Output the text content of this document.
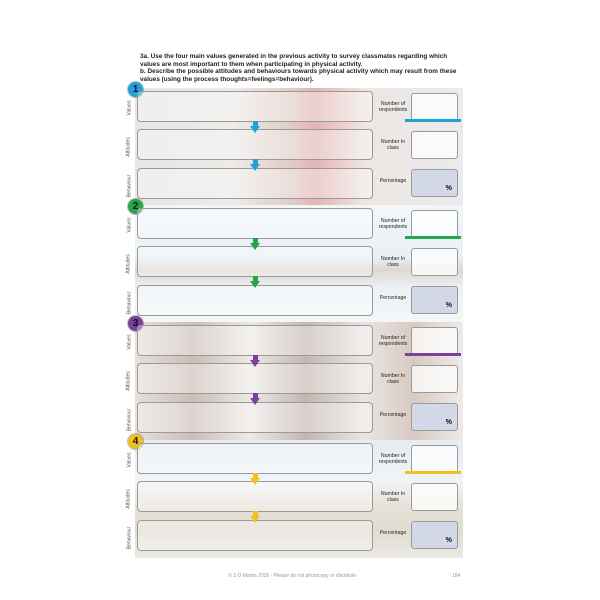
3a. Use the four main values generated in the previous activity to survey classmates regarding which values are most important to them when participating in physical activity.

b. Describe the possible attitudes and behaviours towards physical activity which may result from these values (using the process thoughts=feelings=behaviour).

1
Values
Attitudes
Behaviour
Number of respondents
Number In class
Percentage
%
2
Values
Attitudes
Behaviour
Number of respondents
Number In class
Percentage
%
3
Values
Attitudes
Behaviour
Number of respondents
Number In class
Percentage
%
4
Values
Attitudes
Behaviour
Number of respondents
Number In class
Percentage
%
© S D Martin 2026 - Please do not photocopy or distribute	184
